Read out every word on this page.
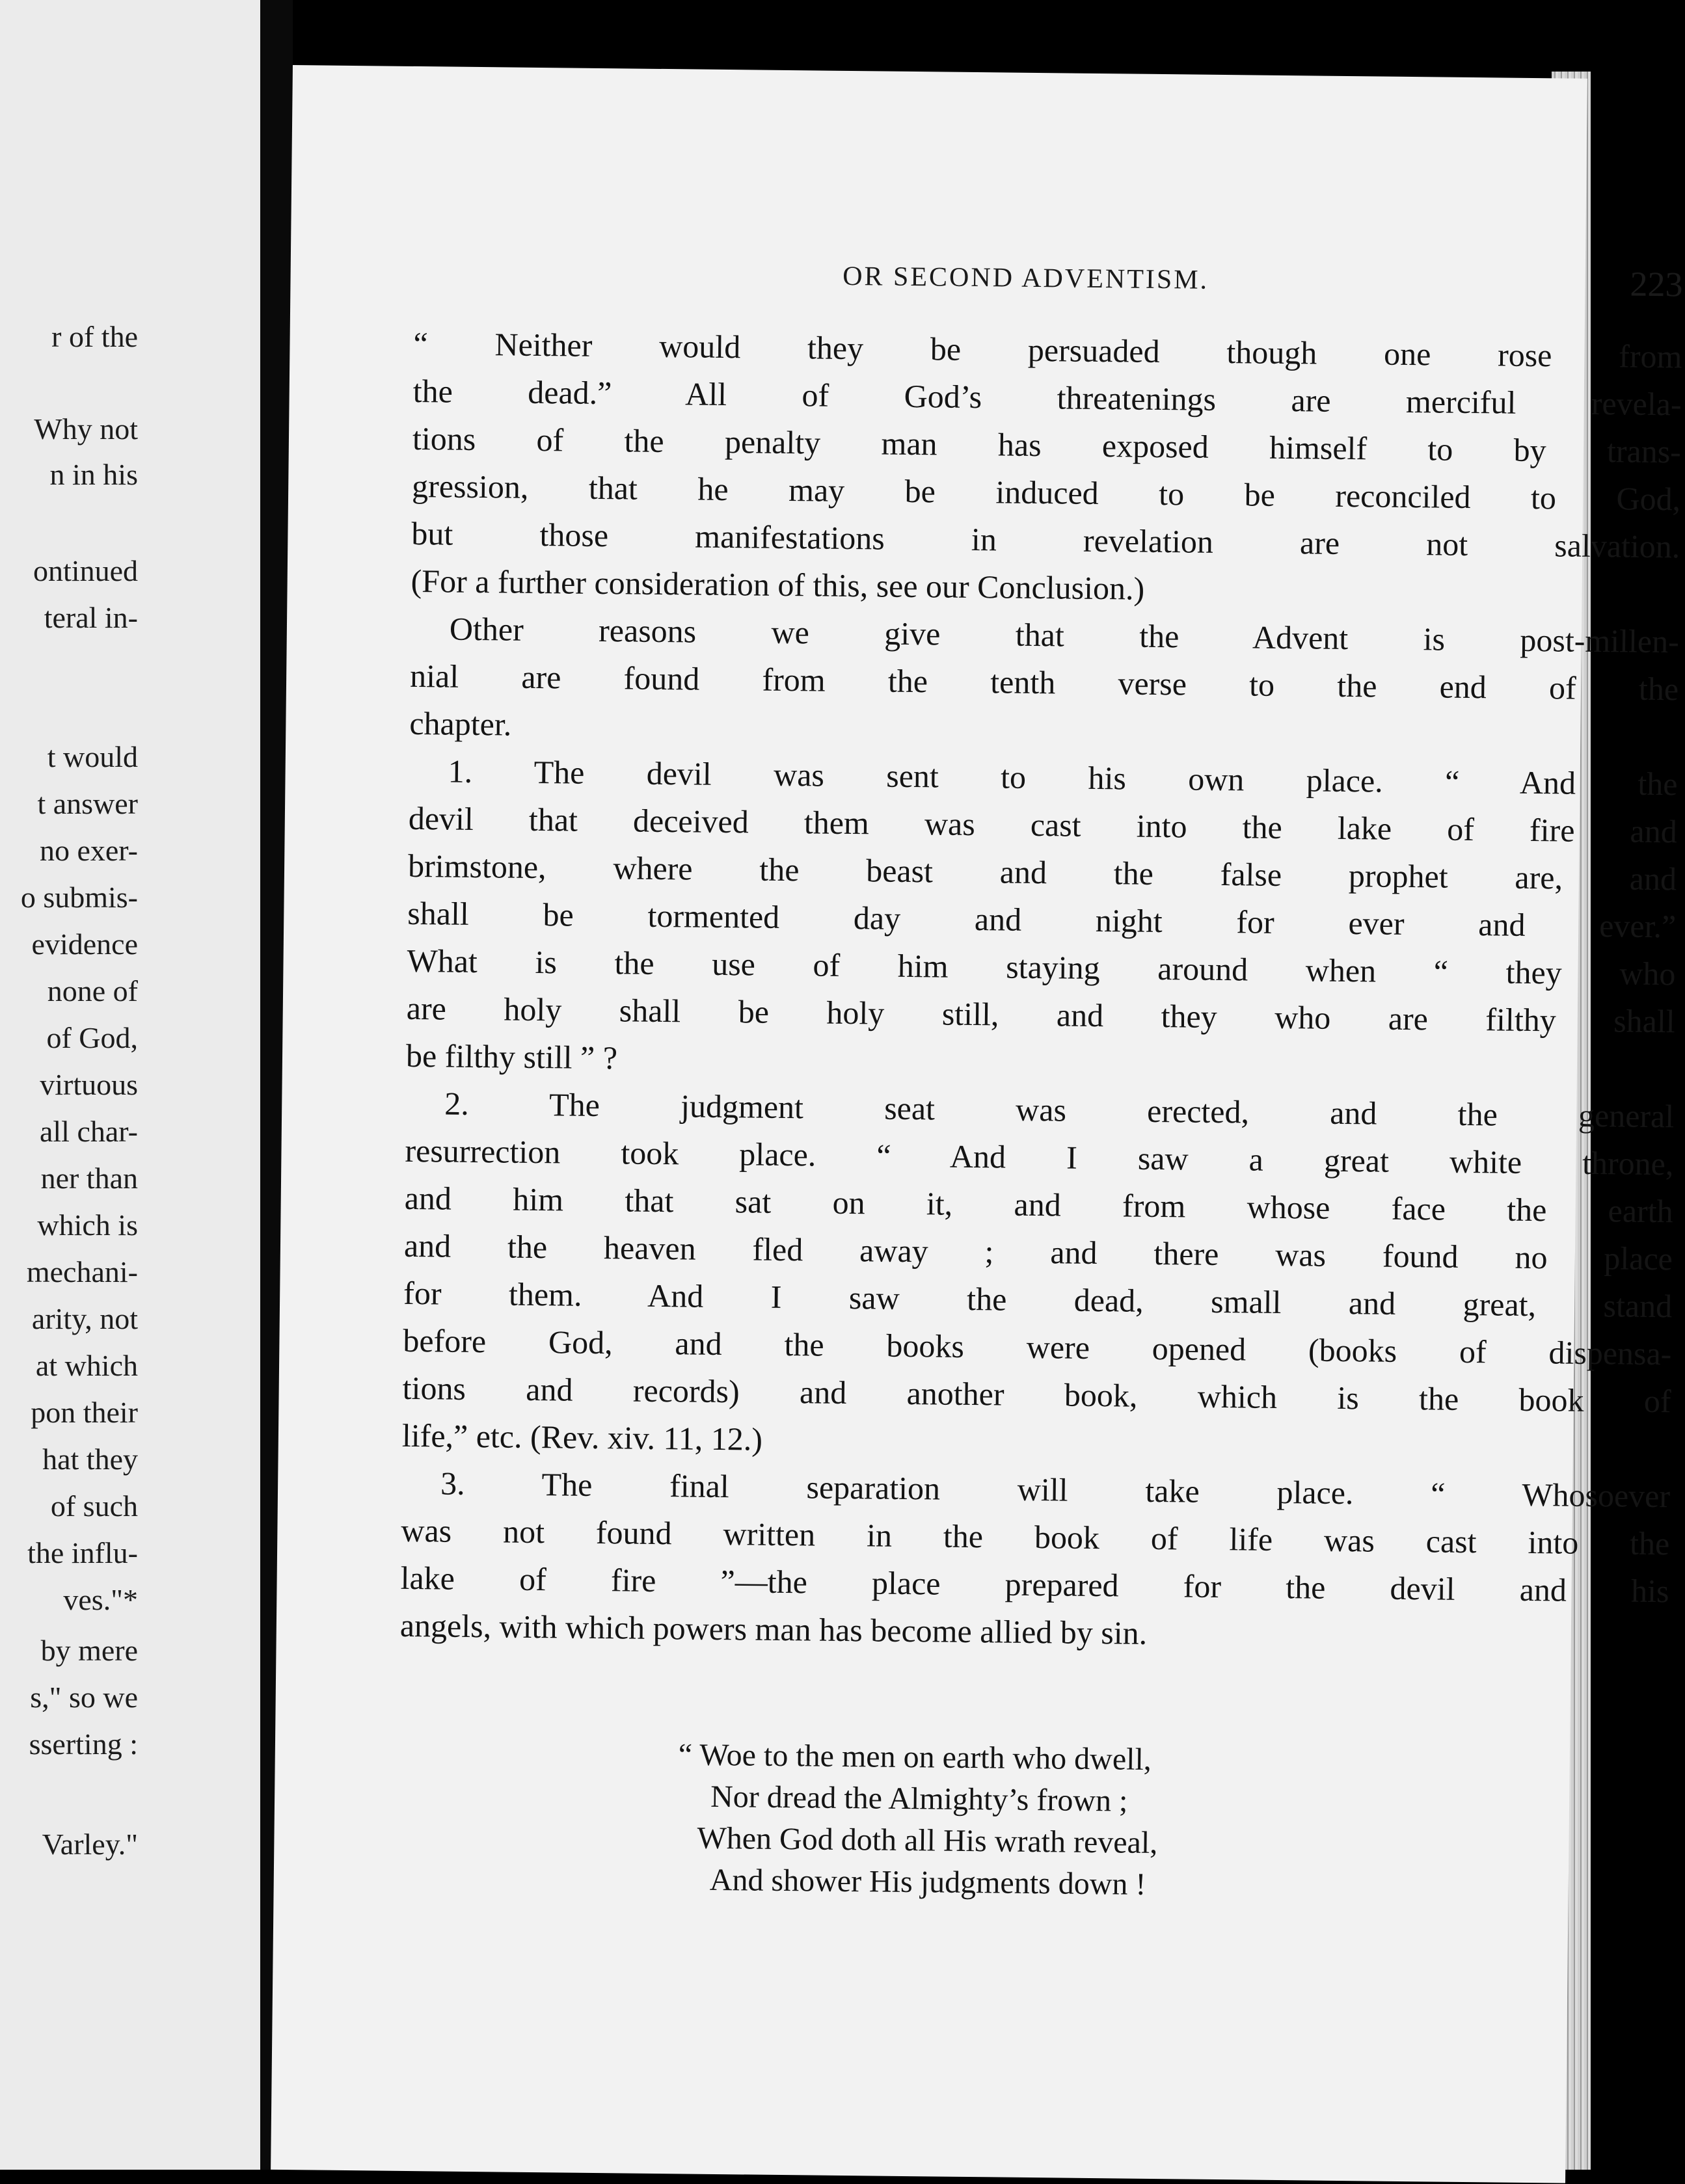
r of the
Why not
n in his
ontinued
teral in-
t would
t answer
no exer-
o submis-
evidence
none of
of God,
virtuous
all char-
ner than
which is
mechani-
arity, not
at which
pon their
hat they
of such
the influ-
ves."*
by mere
s," so we
sserting :
Varley."
OR SECOND ADVENTISM.	223
“ Neither would they be persuaded though one rose from
the dead.” All of God’s threatenings are merciful revela-
tions of the penalty man has exposed himself to by trans-
gression, that he may be induced to be reconciled to God,
but those manifestations in revelation are not salvation.
(For a further consideration of this, see our Conclusion.)
Other reasons we give that the Advent is post-millen-
nial are found from the tenth verse to the end of the
chapter.
1. The devil was sent to his own place. “ And the
devil that deceived them was cast into the lake of fire and
brimstone, where the beast and the false prophet are, and
shall be tormented day and night for ever and ever.”
What is the use of him staying around when “ they who
are holy shall be holy still, and they who are filthy shall
be filthy still ” ?
2. The judgment seat was erected, and the general
resurrection took place. “ And I saw a great white throne,
and him that sat on it, and from whose face the earth
and the heaven fled away ; and there was found no place
for them. And I saw the dead, small and great, stand
before God, and the books were opened (books of dispensa-
tions and records) and another book, which is the book of
life,” etc. (Rev. xiv. 11, 12.)
3. The final separation will take place. “ Whosoever
was not found written in the book of life was cast into the
lake of fire ”—the place prepared for the devil and his
angels, with which powers man has become allied by sin.
“ Woe to the men on earth who dwell,
Nor dread the Almighty’s frown ;
When God doth all His wrath reveal,
And shower His judgments down !
